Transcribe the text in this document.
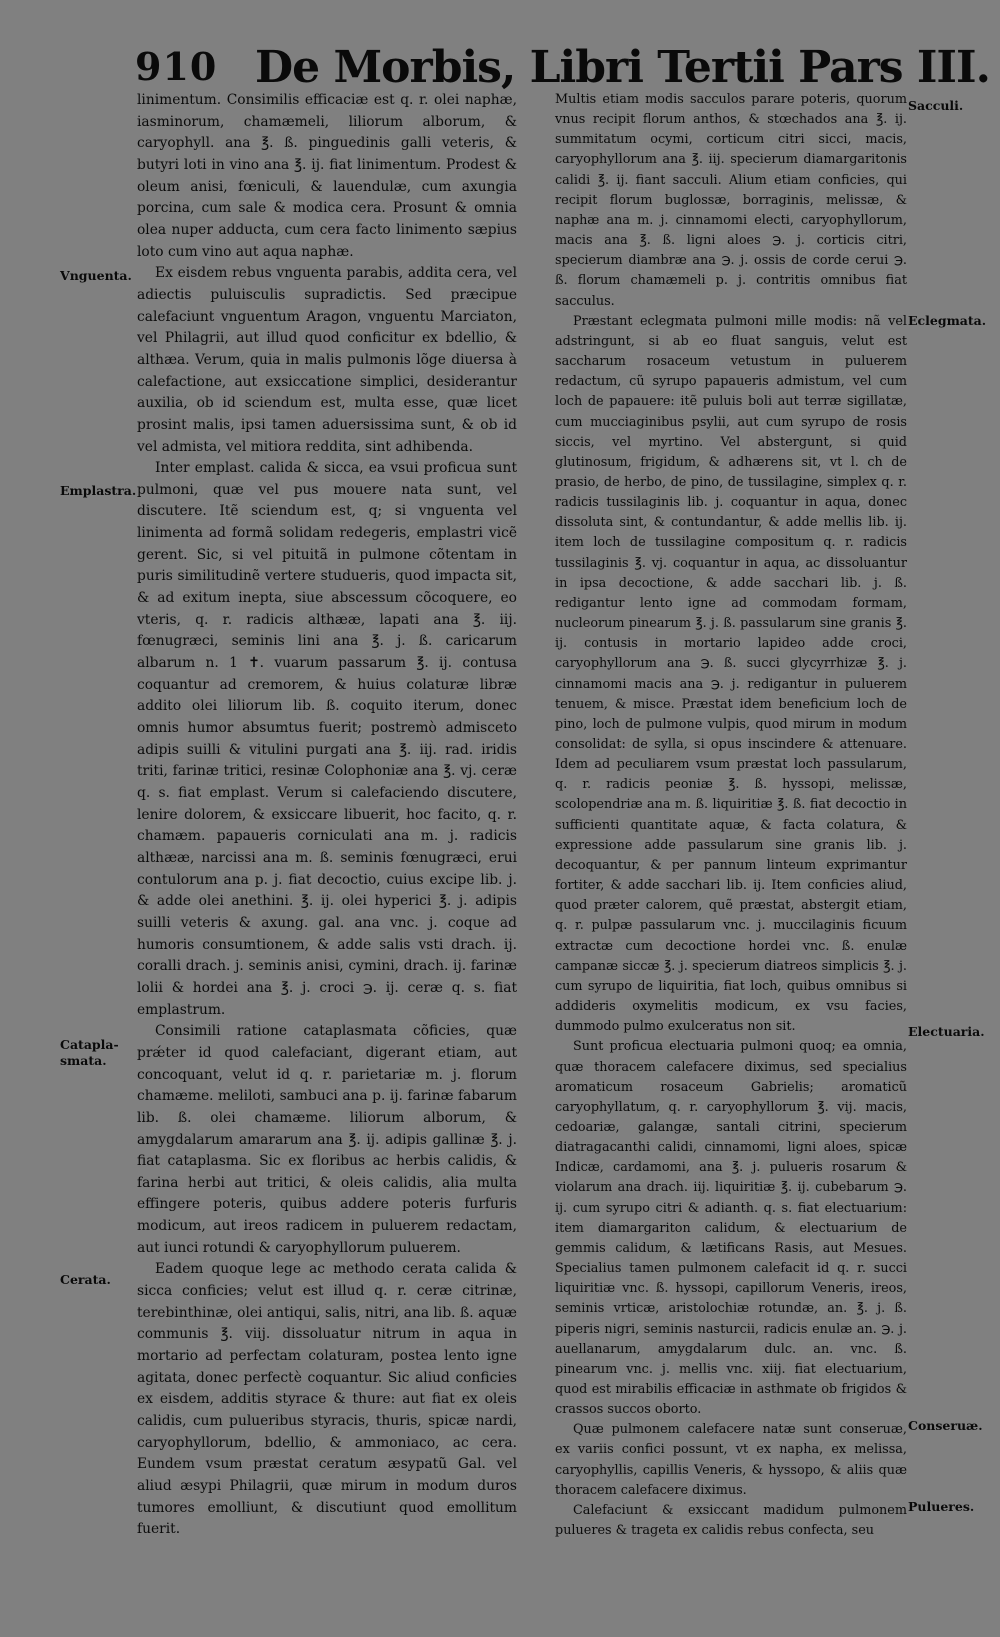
910 De Morbis, Libri Tertii Pars III.
Vnguenta.
Emplastra.
Catapla-
smata.
Cerata.
Sacculi.
Eclegmata.
Electuaria.
Conseruæ.
Pulueres.

linimentum. Consimilis efficaciæ est q. r. olei naphæ, iasminorum, chamæmeli, liliorum alborum, & caryophyll. ana ℥. ß. pinguedinis galli veteris, & butyri loti in vino ana ℥. ij. fiat linimentum. Prodest & oleum anisi, fœniculi, & lauendulæ, cum axungia porcina, cum sale & modica cera. Prosunt & omnia olea nuper adducta, cum cera facto linimento sæpius loto cum vino aut aqua naphæ.

Ex eisdem rebus vnguenta parabis, addita cera, vel adiectis puluisculis supradictis. Sed præcipue calefaciunt vnguentum Aragon, vnguentu Marciaton, vel Philagrii, aut illud quod conficitur ex bdellio, & althæa. Verum, quia in malis pulmonis lõge diuersa à calefactione, aut exsiccatione simplici, desiderantur auxilia, ob id sciendum est, multa esse, quæ licet prosint malis, ipsi tamen aduersissima sunt, & ob id vel admista, vel mitiora reddita, sint adhibenda.

Inter emplast. calida & sicca, ea vsui proficua sunt pulmoni, quæ vel pus mouere nata sunt, vel discutere. Itẽ sciendum est, q; si vnguenta vel linimenta ad formã solidam redegeris, emplastri vicẽ gerent. Sic, si vel pituitã in pulmone cõtentam in puris similitudinẽ vertere studueris, quod impacta sit, & ad exitum inepta, siue abscessum cõcoquere, eo vteris, q. r. radicis althææ, lapati ana ℥. iij. fœnugræci, seminis lini ana ℥. j. ß. caricarum albarum n. 1 ✝. vuarum passarum ℥. ij. contusa coquantur ad cremorem, & huius colaturæ libræ addito olei liliorum lib. ß. coquito iterum, donec omnis humor absumtus fuerit; postremò admisceto adipis suilli & vitulini purgati ana ℥. iij. rad. iridis triti, farinæ tritici, resinæ Colophoniæ ana ℥. vj. ceræ q. s. fiat emplast. Verum si calefaciendo discutere, lenire dolorem, & exsiccare libuerit, hoc facito, q. r. chamæm. papaueris corniculati ana m. j. radicis althææ, narcissi ana m. ß. seminis fœnugræci, erui contulorum ana p. j. fiat decoctio, cuius excipe lib. j. & adde olei anethini. ℥. ij. olei hyperici ℥. j. adipis suilli veteris & axung. gal. ana vnc. j. coque ad humoris consumtionem, & adde salis vsti drach. ij. coralli drach. j. seminis anisi, cymini, drach. ij. farinæ lolii & hordei ana ℥. j. croci ℈. ij. ceræ q. s. fiat emplastrum.

Consimili ratione cataplasmata cõficies, quæ prǽter id quod calefaciant, digerant etiam, aut concoquant, velut id q. r. parietariæ m. j. florum chamæme. meliloti, sambuci ana p. ij. farinæ fabarum lib. ß. olei chamæme. liliorum alborum, & amygdalarum amararum ana ℥. ij. adipis gallinæ ℥. j. fiat cataplasma. Sic ex floribus ac herbis calidis, & farina herbi aut tritici, & oleis calidis, alia multa effingere poteris, quibus addere poteris furfuris modicum, aut ireos radicem in puluerem redactam, aut iunci rotundi & caryophyllorum puluerem.

Eadem quoque lege ac methodo cerata calida & sicca conficies; velut est illud q. r. ceræ citrinæ, terebinthinæ, olei antiqui, salis, nitri, ana lib. ß. aquæ communis ℥. viij. dissoluatur nitrum in aqua in mortario ad perfectam colaturam, postea lento igne agitata, donec perfectè coquantur. Sic aliud conficies ex eisdem, additis styrace & thure: aut fiat ex oleis calidis, cum pulueribus styracis, thuris, spicæ nardi, caryophyllorum, bdellio, & ammoniaco, ac cera. Eundem vsum præstat ceratum æsypatũ Gal. vel aliud æsypi Philagrii, quæ mirum in modum duros tumores emolliunt, & discutiunt quod emollitum fuerit.

Multis etiam modis sacculos parare poteris, quorum vnus recipit florum anthos, & stœchados ana ℥. ij. summitatum ocymi, corticum citri sicci, macis, caryophyllorum ana ℥. iij. specierum diamargaritonis calidi ℥. ij. fiant sacculi. Alium etiam conficies, qui recipit florum buglossæ, borraginis, melissæ, & naphæ ana m. j. cinnamomi electi, caryophyllorum, macis ana ℥. ß. ligni aloes ℈. j. corticis citri, specierum diambræ ana ℈. j. ossis de corde cerui ℈. ß. florum chamæmeli p. j. contritis omnibus fiat sacculus.

Præstant eclegmata pulmoni mille modis: nã vel adstringunt, si ab eo fluat sanguis, velut est saccharum rosaceum vetustum in puluerem redactum, cũ syrupo papaueris admistum, vel cum loch de papauere: itẽ puluis boli aut terræ sigillatæ, cum mucciaginibus psylii, aut cum syrupo de rosis siccis, vel myrtino. Vel abstergunt, si quid glutinosum, frigidum, & adhærens sit, vt l. ch de prasio, de herbo, de pino, de tussilagine, simplex q. r. radicis tussilaginis lib. j. coquantur in aqua, donec dissoluta sint, & contundantur, & adde mellis lib. ij. item loch de tussilagine compositum q. r. radicis tussilaginis ℥. vj. coquantur in aqua, ac dissoluantur in ipsa decoctione, & adde sacchari lib. j. ß. redigantur lento igne ad commodam formam, nucleorum pinearum ℥. j. ß. passularum sine granis ℥. ij. contusis in mortario lapideo adde croci, caryophyllorum ana ℈. ß. succi glycyrrhizæ ℥. j. cinnamomi macis ana ℈. j. redigantur in puluerem tenuem, & misce. Præstat idem beneficium loch de pino, loch de pulmone vulpis, quod mirum in modum consolidat: de sylla, si opus inscindere & attenuare. Idem ad peculiarem vsum præstat loch passularum, q. r. radicis peoniæ ℥. ß. hyssopi, melissæ, scolopendriæ ana m. ß. liquiritiæ ℥. ß. fiat decoctio in sufficienti quantitate aquæ, & facta colatura, & expressione adde passularum sine granis lib. j. decoquantur, & per pannum linteum exprimantur fortiter, & adde sacchari lib. ij. Item conficies aliud, quod præter calorem, quẽ præstat, abstergit etiam, q. r. pulpæ passularum vnc. j. muccilaginis ficuum extractæ cum decoctione hordei vnc. ß. enulæ campanæ siccæ ℥. j. specierum diatreos simplicis ℥. j. cum syrupo de liquiritia, fiat loch, quibus omnibus si addideris oxymelitis modicum, ex vsu facies, dummodo pulmo exulceratus non sit.

Sunt proficua electuaria pulmoni quoq; ea omnia, quæ thoracem calefacere diximus, sed specialius aromaticum rosaceum Gabrielis; aromaticũ caryophyllatum, q. r. caryophyllorum ℥. vij. macis, cedoariæ, galangæ, santali citrini, specierum diatragacanthi calidi, cinnamomi, ligni aloes, spicæ Indicæ, cardamomi, ana ℥. j. pulueris rosarum & violarum ana drach. iij. liquiritiæ ℥. ij. cubebarum ℈. ij. cum syrupo citri & adianth. q. s. fiat electuarium: item diamargariton calidum, & electuarium de gemmis calidum, & lætificans Rasis, aut Mesues. Specialius tamen pulmonem calefacit id q. r. succi liquiritiæ vnc. ß. hyssopi, capillorum Veneris, ireos, seminis vrticæ, aristolochiæ rotundæ, an. ℥. j. ß. piperis nigri, seminis nasturcii, radicis enulæ an. ℈. j. auellanarum, amygdalarum dulc. an. vnc. ß. pinearum vnc. j. mellis vnc. xiij. fiat electuarium, quod est mirabilis efficaciæ in asthmate ob frigidos & crassos succos oborto.

Quæ pulmonem calefacere natæ sunt conseruæ, ex variis confici possunt, vt ex napha, ex melissa, caryophyllis, capillis Veneris, & hyssopo, & aliis quæ thoracem calefacere diximus.

Calefaciunt & exsiccant madidum pulmonem pulueres & trageta ex calidis rebus confecta, seu
